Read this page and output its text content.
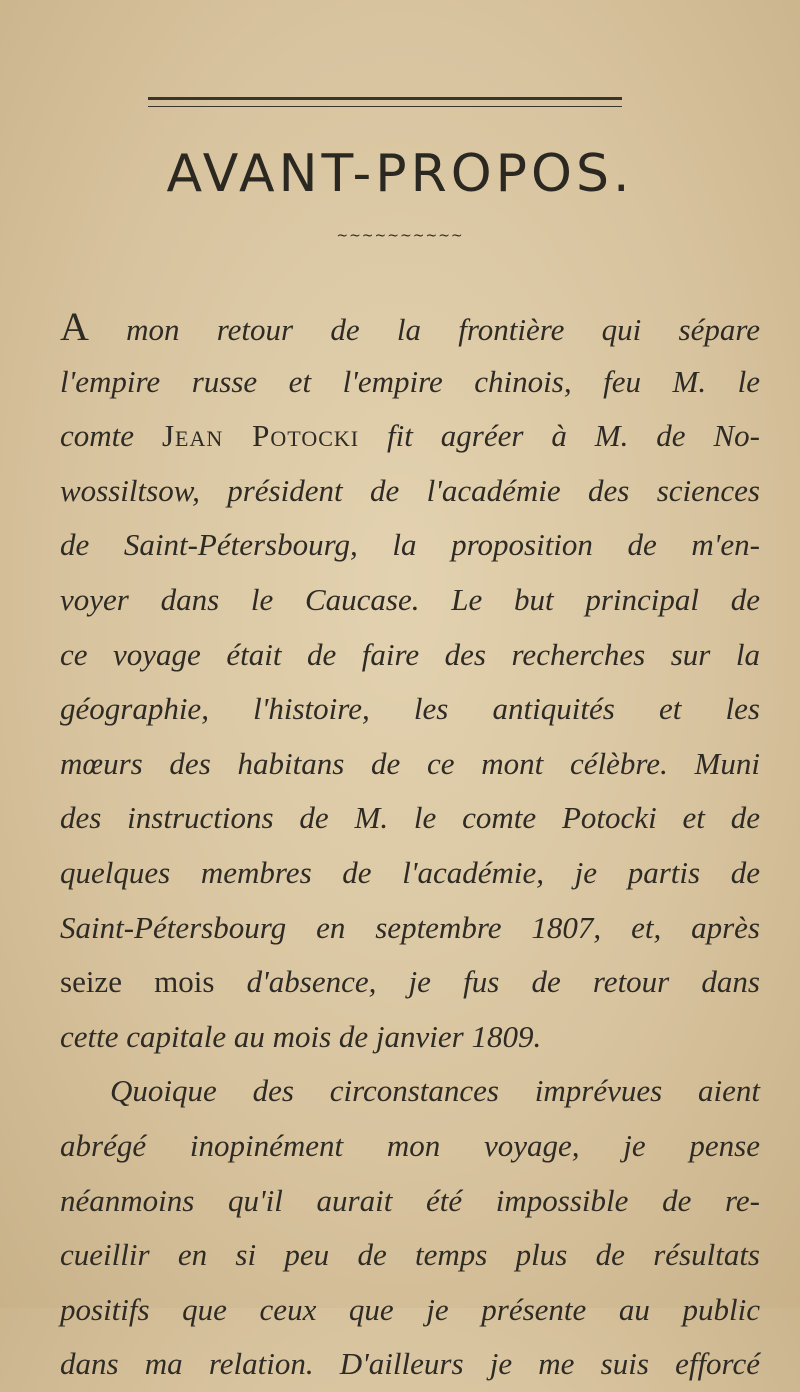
AVANT-PROPOS.
~~~~~~~~~~
A mon retour de la frontière qui sépare
l'empire russe et l'empire chinois, feu M. le
comte Jean Potocki fit agréer à M. de No-
wossiltsow, président de l'académie des sciences
de Saint-Pétersbourg, la proposition de m'en-
voyer dans le Caucase. Le but principal de
ce voyage était de faire des recherches sur la
géographie, l'histoire, les antiquités et les
mœurs des habitans de ce mont célèbre. Muni
des instructions de M. le comte Potocki et de
quelques membres de l'académie, je partis de
Saint-Pétersbourg en septembre 1807, et, après
seize mois d'absence, je fus de retour dans
cette capitale au mois de janvier 1809.
Quoique des circonstances imprévues aient
abrégé inopinément mon voyage, je pense
néanmoins qu'il aurait été impossible de re-
cueillir en si peu de temps plus de résultats
positifs que ceux que je présente au public
dans ma relation. D'ailleurs je me suis efforcé
